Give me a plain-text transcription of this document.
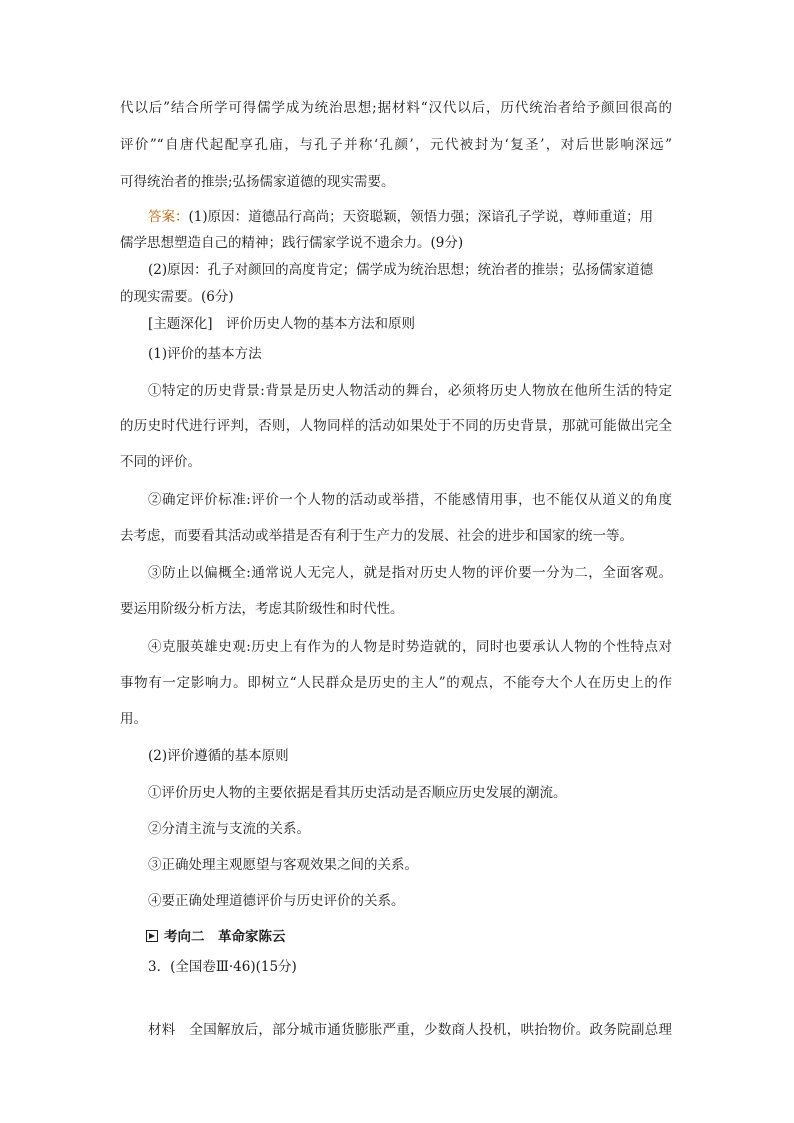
代以后”结合所学可得儒学成为统治思想;据材料“汉代以后，历代统治者给予颜回很高的
评价”“自唐代起配享孔庙，与孔子并称‘孔颜’，元代被封为‘复圣’，对后世影响深远”
可得统治者的推崇;弘扬儒家道德的现实需要。
答案：(1)原因：道德品行高尚；天资聪颖，领悟力强；深谙孔子学说，尊师重道；用
儒学思想塑造自己的精神；践行儒家学说不遗余力。(9分)
(2)原因：孔子对颜回的高度肯定；儒学成为统治思想；统治者的推崇；弘扬儒家道德
的现实需要。(6分)
[主题深化]　评价历史人物的基本方法和原则
(1)评价的基本方法
①特定的历史背景:背景是历史人物活动的舞台，必须将历史人物放在他所生活的特定
的历史时代进行评判，否则，人物同样的活动如果处于不同的历史背景，那就可能做出完全
不同的评价。
②确定评价标准:评价一个人物的活动或举措，不能感情用事，也不能仅从道义的角度
去考虑，而要看其活动或举措是否有利于生产力的发展、社会的进步和国家的统一等。
③防止以偏概全:通常说人无完人，就是指对历史人物的评价要一分为二，全面客观。
要运用阶级分析方法，考虑其阶级性和时代性。
④克服英雄史观:历史上有作为的人物是时势造就的，同时也要承认人物的个性特点对
事物有一定影响力。即树立“人民群众是历史的主人”的观点，不能夸大个人在历史上的作
用。
(2)评价遵循的基本原则
①评价历史人物的主要依据是看其历史活动是否顺应历史发展的潮流。
②分清主流与支流的关系。
③正确处理主观愿望与客观效果之间的关系。
④要正确处理道德评价与历史评价的关系。
考向二　革命家陈云
3．(全国卷Ⅲ·46)(15分)
材料　全国解放后，部分城市通货膨胀严重，少数商人投机，哄抬物价。政务院副总理
